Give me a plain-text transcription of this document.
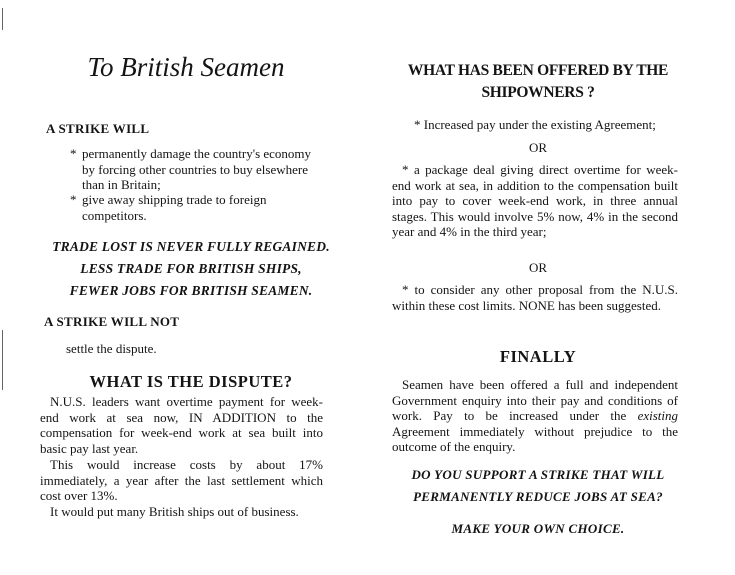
To British Seamen
A STRIKE WILL
* permanently damage the country's economy by forcing other countries to buy elsewhere than in Britain;
* give away shipping trade to foreign competitors.
TRADE LOST IS NEVER FULLY REGAINED.
LESS TRADE FOR BRITISH SHIPS,
FEWER JOBS FOR BRITISH SEAMEN.
A STRIKE WILL NOT
settle the dispute.
WHAT IS THE DISPUTE?
N.U.S. leaders want overtime payment for week-end work at sea now, IN ADDITION to the compensation for week-end work at sea built into basic pay last year.
This would increase costs by about 17% immediately, a year after the last settlement which cost over 13%.
It would put many British ships out of business.
WHAT HAS BEEN OFFERED BY THE
SHIPOWNERS ?
* Increased pay under the existing Agreement;
OR
* a package deal giving direct overtime for week-end work at sea, in addition to the compensation built into pay to cover week-end work, in three annual stages. This would involve 5% now, 4% in the second year and 4% in the third year;
OR
* to consider any other proposal from the N.U.S. within these cost limits. NONE has been suggested.
FINALLY
Seamen have been offered a full and independent Government enquiry into their pay and conditions of work. Pay to be increased under the existing Agreement immediately without prejudice to the outcome of the enquiry.
DO YOU SUPPORT A STRIKE THAT WILL
PERMANENTLY REDUCE JOBS AT SEA?
MAKE YOUR OWN CHOICE.
